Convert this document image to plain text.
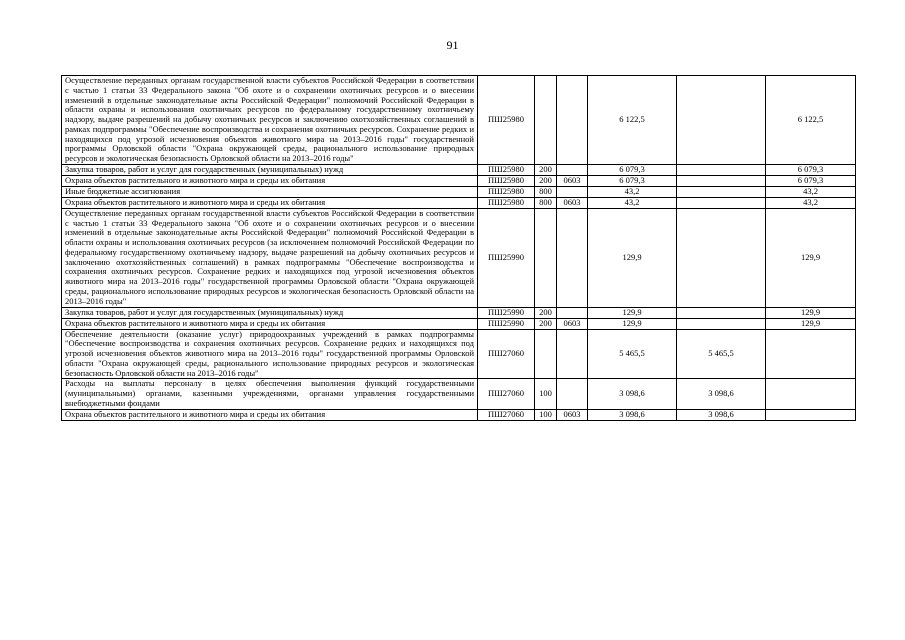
91
Осуществление переданных органам государственной власти субъектов Российской Федерации в соответствии с частью 1 статьи 33 Федерального закона "Об охоте и о сохранении охотничьих ресурсов и о внесении изменений в отдельные законодательные акты Российской Федерации" полномочий Российской Федерации в области охраны и использования охотничьих ресурсов по федеральному государственному охотничьему надзору, выдаче разрешений на добычу охотничьих ресурсов и заключению охотхозяйственных соглашений в рамках подпрограммы "Обеспечение воспроизводства и сохранения охотничьих ресурсов. Сохранение редких и находящихся под угрозой исчезновения объектов животного мира на 2013–2016 годы" государственной программы Орловской области "Охрана окружающей среды, рационального использование природных ресурсов и экологическая безопасность Орловской области на 2013–2016 годы"	ПШ25980			6 122,5		6 122,5
Закупка товаров, работ и услуг для государственных (муниципальных) нужд	ПШ25980	200		6 079,3		6 079,3
Охрана объектов растительного и животного мира и среды их обитания	ПШ25980	200	0603	6 079,3		6 079,3
Иные бюджетные ассигнования	ПШ25980	800		43,2		43,2
Охрана объектов растительного и животного мира и среды их обитания	ПШ25980	800	0603	43,2		43,2
Осуществление переданных органам государственной власти субъектов Российской Федерации в соответствии с частью 1 статьи 33 Федерального закона "Об охоте и о сохранении охотничьих ресурсов и о внесении изменений в отдельные законодательные акты Российской Федерации" полномочий Российской Федерации в области охраны и использования охотничьих ресурсов (за исключением полномочий Российской Федерации по федеральному государственному охотничьему надзору, выдаче разрешений на добычу охотничьих ресурсов и заключению охотхозяйственных соглашений) в рамках подпрограммы "Обеспечение воспроизводства и сохранения охотничьих ресурсов. Сохранение редких и находящихся под угрозой исчезновения объектов животного мира на 2013–2016 годы" государственной программы Орловской области "Охрана окружающей среды, рационального использование природных ресурсов и экологическая безопасность Орловской области на 2013–2016 годы"	ПШ25990			129,9		129,9
Закупка товаров, работ и услуг для государственных (муниципальных) нужд	ПШ25990	200		129,9		129,9
Охрана объектов растительного и животного мира и среды их обитания	ПШ25990	200	0603	129,9		129,9
Обеспечение деятельности (оказание услуг) природоохранных учреждений в рамках подпрограммы "Обеспечение воспроизводства и сохранения охотничьих ресурсов. Сохранение редких и находящихся под угрозой исчезновения объектов животного мира на 2013–2016 годы" государственной программы Орловской области "Охрана окружающей среды, рационального использование природных ресурсов и экологическая безопасность Орловской области на 2013–2016 годы"	ПШ27060			5 465,5	5 465,5	
Расходы на выплаты персоналу в целях обеспечения выполнения функций государственными (муниципальными) органами, казенными учреждениями, органами управления государственными внебюджетными фондами	ПШ27060	100		3 098,6	3 098,6	
Охрана объектов растительного и животного мира и среды их обитания	ПШ27060	100	0603	3 098,6	3 098,6	
